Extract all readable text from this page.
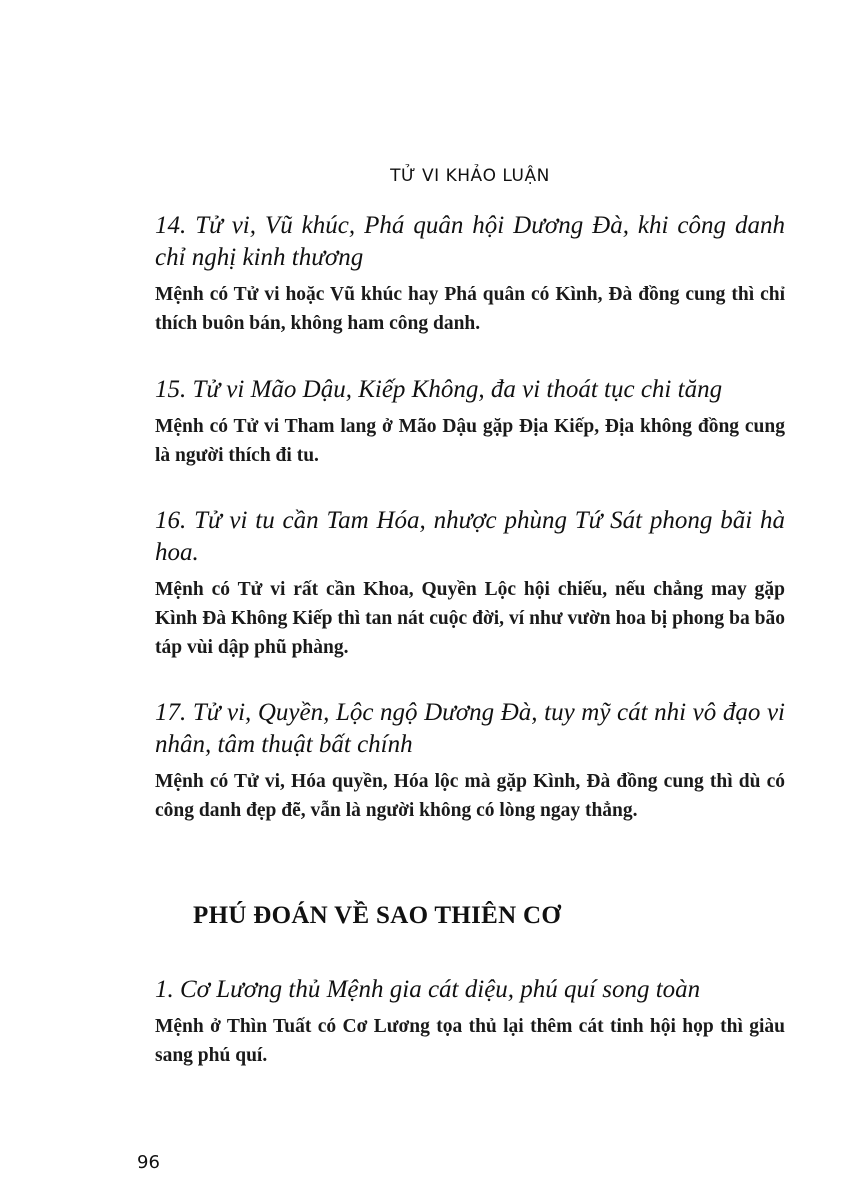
TỬ VI KHẢO LUẬN

14. Tử vi, Vũ khúc, Phá quân hội Dương Đà, khi công danh chỉ nghị kinh thương

Mệnh có Tử vi hoặc Vũ khúc hay Phá quân có Kình, Đà đồng cung thì chỉ thích buôn bán, không ham công danh.

15. Tử vi Mão Dậu, Kiếp Không, đa vi thoát tục chi tăng

Mệnh có Tử vi Tham lang ở Mão Dậu gặp Địa Kiếp, Địa không đồng cung là người thích đi tu.

16. Tử vi tu cần Tam Hóa, nhược phùng Tứ Sát phong bãi hà hoa.

Mệnh có Tử vi rất cần Khoa, Quyền Lộc hội chiếu, nếu chẳng may gặp Kình Đà Không Kiếp thì tan nát cuộc đời, ví như vườn hoa bị phong ba bão táp vùi dập phũ phàng.

17. Tử vi, Quyền, Lộc ngộ Dương Đà, tuy mỹ cát nhi vô đạo vi nhân, tâm thuật bất chính

Mệnh có Tử vi, Hóa quyền, Hóa lộc mà gặp Kình, Đà đồng cung thì dù có công danh đẹp đẽ, vẫn là người không có lòng ngay thẳng.

PHÚ ĐOÁN VỀ SAO THIÊN CƠ

1. Cơ Lương thủ Mệnh gia cát diệu, phú quí song toàn

Mệnh ở Thìn Tuất có Cơ Lương tọa thủ lại thêm cát tinh hội họp thì giàu sang phú quí.

96
